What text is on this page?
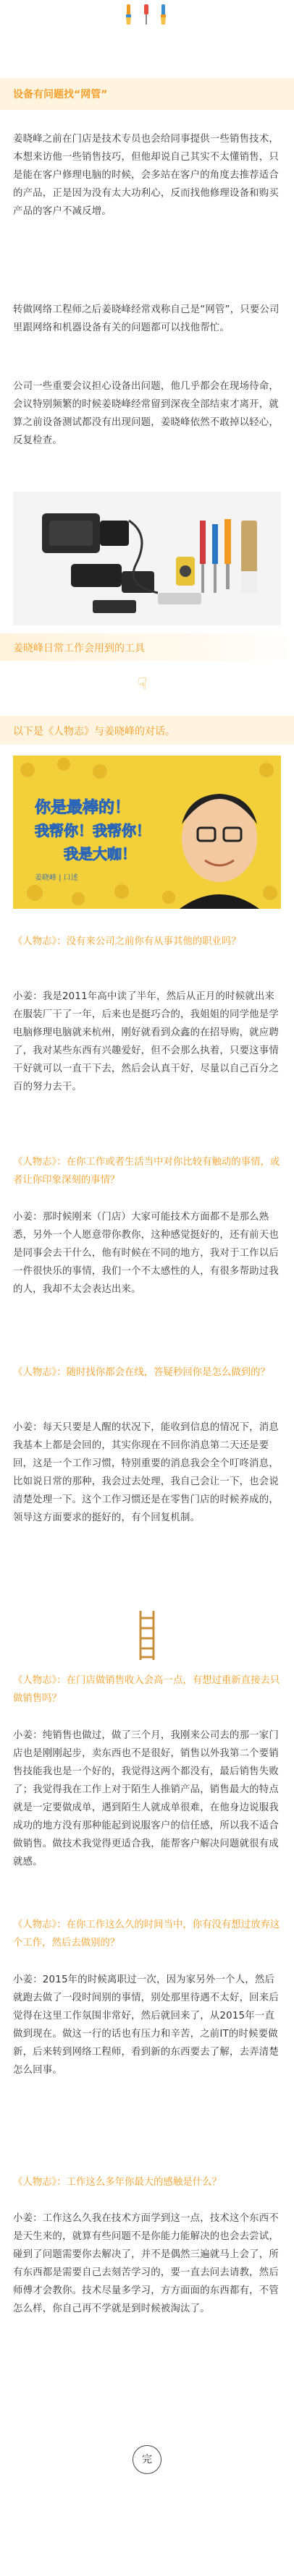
设备有问题找“网管”

姜晓峰之前在门店是技术专员也会给同事提供一些销售技术，本想来访他一些销售技巧，但他却说自己其实不太懂销售，只是能在客户修理电脑的时候，会多站在客户的角度去推荐适合的产品，正是因为没有太大功利心，反而找他修理设备和购买产品的客户不减反增。

转做网络工程师之后姜晓峰经常戏称自己是“网管”，只要公司里跟网络和机器设备有关的问题都可以找他帮忙。

公司一些重要会议担心设备出问题，他几乎都会在现场待命，会议特别频繁的时候姜晓峰经常留到深夜全部结束才离开，就算之前设备测试都没有出现问题，姜晓峰依然不敢掉以轻心，反复检查。

姜晓峰日常工作会用到的工具
☟
以下是《人物志》与姜晓峰的对话。
你是最棒的！
我帮你！我帮你！
我是大咖！
姜晓峰 | 口述

《人物志》：没有来公司之前你有从事其他的职业吗？

小姜：我是2011年高中读了半年，然后从正月的时候就出来在服装厂干了一年，后来也是挺巧合的，我姐姐的同学他是学电脑修理电脑就来杭州，刚好就看到众鑫的在招导购，就应聘了，我对某些东西有兴趣爱好，但不会那么执着，只要这事情干好就可以一直干下去，然后会认真干好，尽量以自己百分之百的努力去干。

《人物志》：在你工作或者生活当中对你比较有触动的事情，或者让你印象深刻的事情？

小姜：那时候刚来（门店）大家可能技术方面都不是那么熟悉，另外一个人愿意带你教你，这种感觉挺好的，还有前天也是同事会去干什么，他有时候在不同的地方，我对于工作以后一件很快乐的事情，我们一个不太感性的人，有很多帮助过我的人，我却不太会表达出来。

《人物志》：随时找你都会在线，答疑秒回你是怎么做到的？

小姜：每天只要是人醒的状况下，能收到信息的情况下，消息我基本上都是会回的，其实你现在不回你消息第二天还是要回，这是一个工作习惯，特别重要的消息我会全个叮咚消息，比如说日常的那种，我会过去处理，我自己会让一下，也会说清楚处理一下。这个工作习惯还是在零售门店的时候养成的，领导这方面要求的挺好的，有个回复机制。

《人物志》：在门店做销售收入会高一点，有想过重新直接去只做销售吗？

小姜：纯销售也做过，做了三个月，我刚来公司去的那一家门店也是刚刚起步，卖东西也不是很好，销售以外我第二个要销售技能我也是一个好的，我觉得这两个都没有，最后销售失败了；我觉得我在工作上对于陌生人推销产品，销售最大的特点就是一定要做成单，遇到陌生人就成单很难，在他身边说服我成功的地方没有那种能起到说服客户的信任感，所以我不适合做销售。做技术我觉得更适合我，能帮客户解决问题就很有成就感。

《人物志》：在你工作这么久的时间当中，你有没有想过放弃这个工作，然后去做别的？

小姜：2015年的时候离职过一次，因为家另外一个人，然后就跑去做了一段时间别的事情，别处那里待遇不太好，回来后觉得在这里工作氛围非常好，然后就回来了，从2015年一直做到现在。做这一行的话也有压力和辛苦，之前IT的时候要做新，后来转到网络工程师，看到新的东西要去了解，去弄清楚怎么回事。

《人物志》：工作这么多年你最大的感触是什么？

小姜：工作这么久我在技术方面学到这一点，技术这个东西不是天生来的，就算有些问题不是你能力能解决的也会去尝试，碰到了问题需要你去解决了，并不是偶然三遍就马上会了，所有东西都是需要自己去刻苦学习的，要一直去问去请教，然后师傅才会教你。技术尽量多学习，方方面面的东西都有，不管怎么样，你自己再不学就是到时候被淘汰了。

完
